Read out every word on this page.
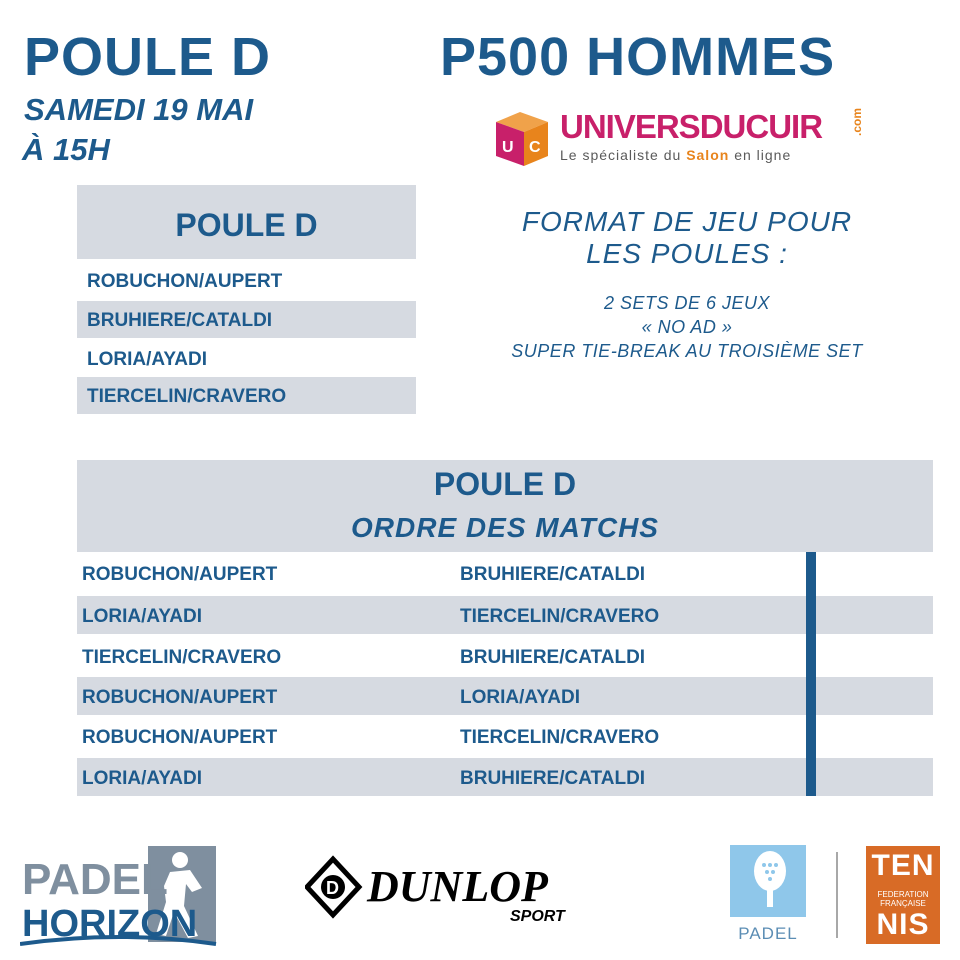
POULE D
SAMEDI 19 MAI
À 15H
P500 HOMMES
U C
UNIVERSDUCUIR .com
Le spécialiste du Salon en ligne
POULE D
ROBUCHON/AUPERT
BRUHIERE/CATALDI
LORIA/AYADI
TIERCELIN/CRAVERO
FORMAT DE JEU POUR
LES POULES :
2 SETS DE 6 JEUX
« NO AD »
SUPER TIE-BREAK AU TROISIÈME SET
POULE D
ORDRE DES MATCHS
ROBUCHON/AUPERT	BRUHIERE/CATALDI
LORIA/AYADI	TIERCELIN/CRAVERO
TIERCELIN/CRAVERO	BRUHIERE/CATALDI
ROBUCHON/AUPERT	LORIA/AYADI
ROBUCHON/AUPERT	TIERCELIN/CRAVERO
LORIA/AYADI	BRUHIERE/CATALDI
PADEL
HORIZON
D DUNLOP
SPORT
PADEL
TEN
FEDERATION
FRANÇAISE
NIS
